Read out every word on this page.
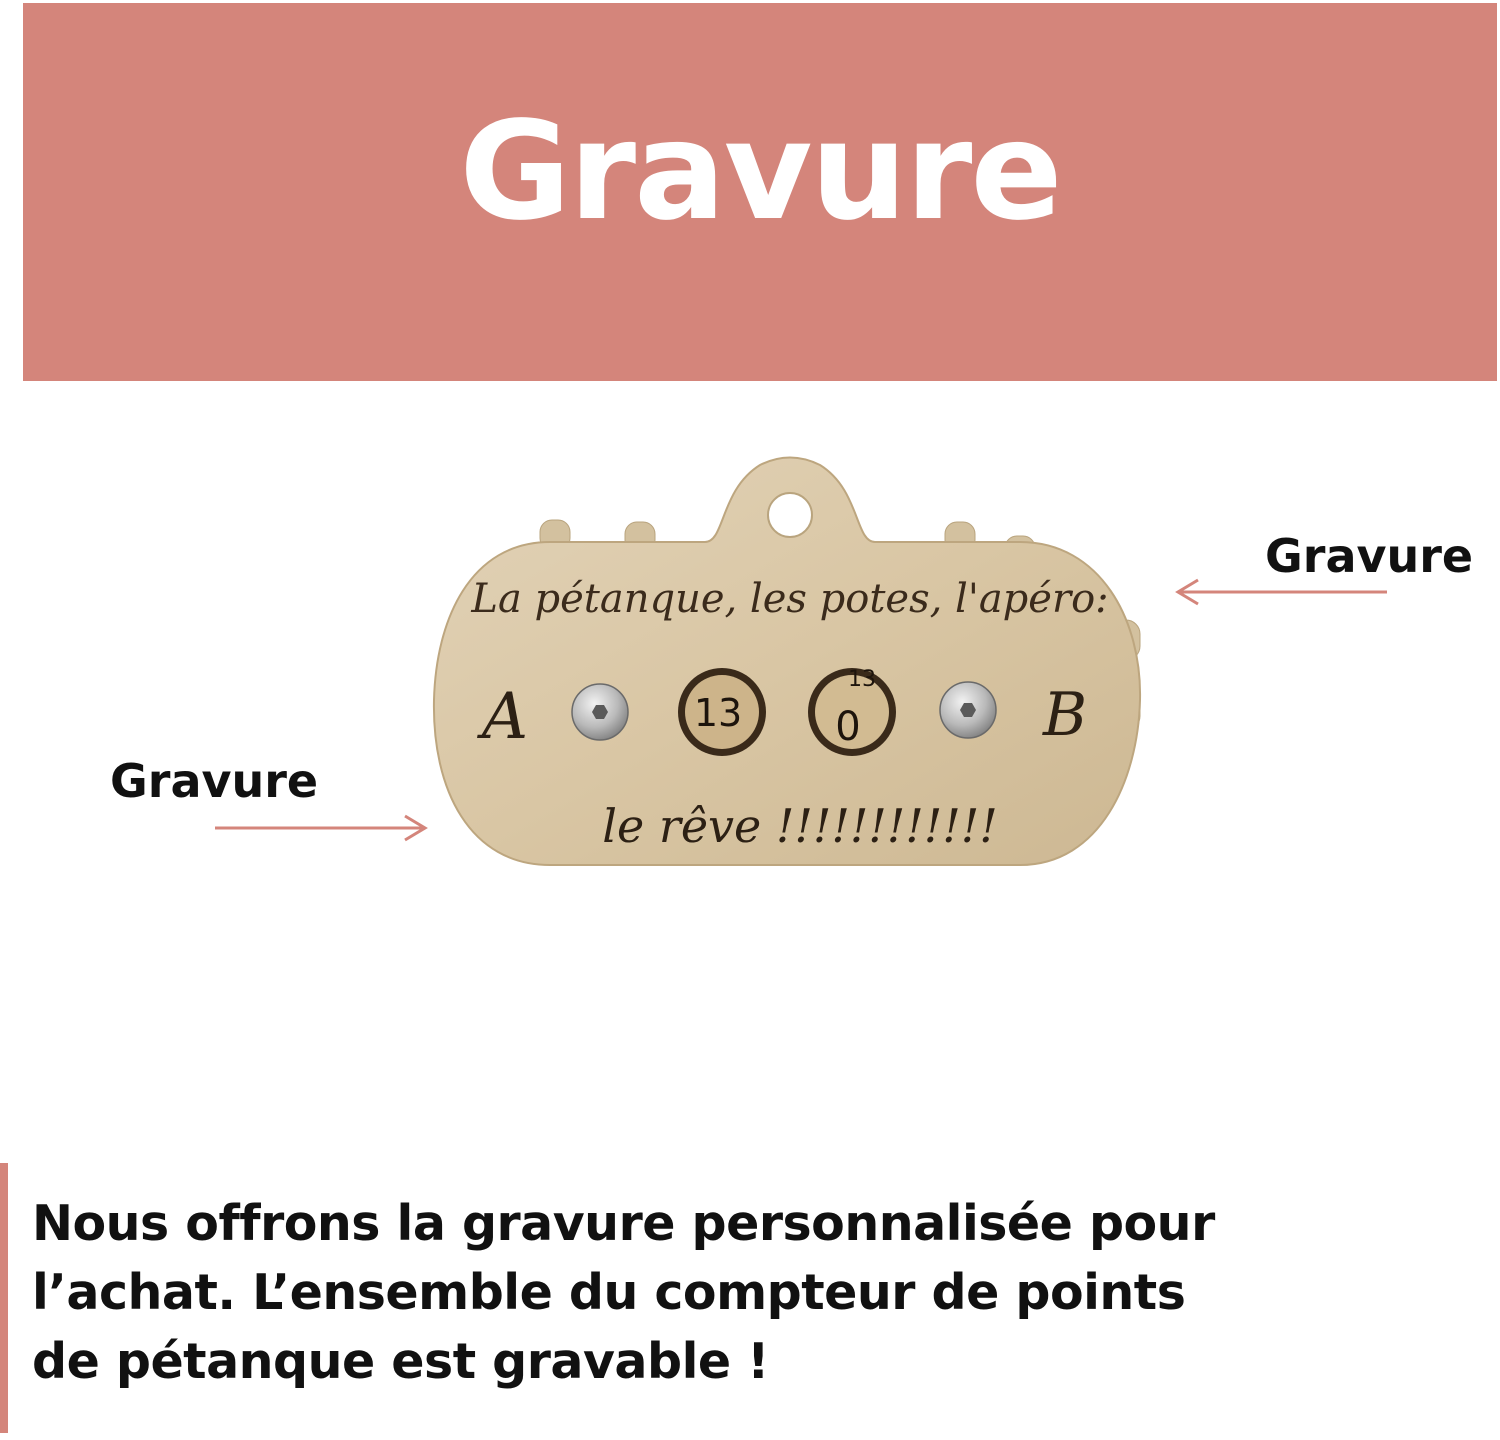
Gravure
La pétanque, les potes, l'apéro:
A	B
13
13
0
le rêve !!!!!!!!!!!!
Gravure
Gravure
Nous offrons la gravure personnalisée pour l’achat. L’ensemble du compteur de points de pétanque est gravable !
